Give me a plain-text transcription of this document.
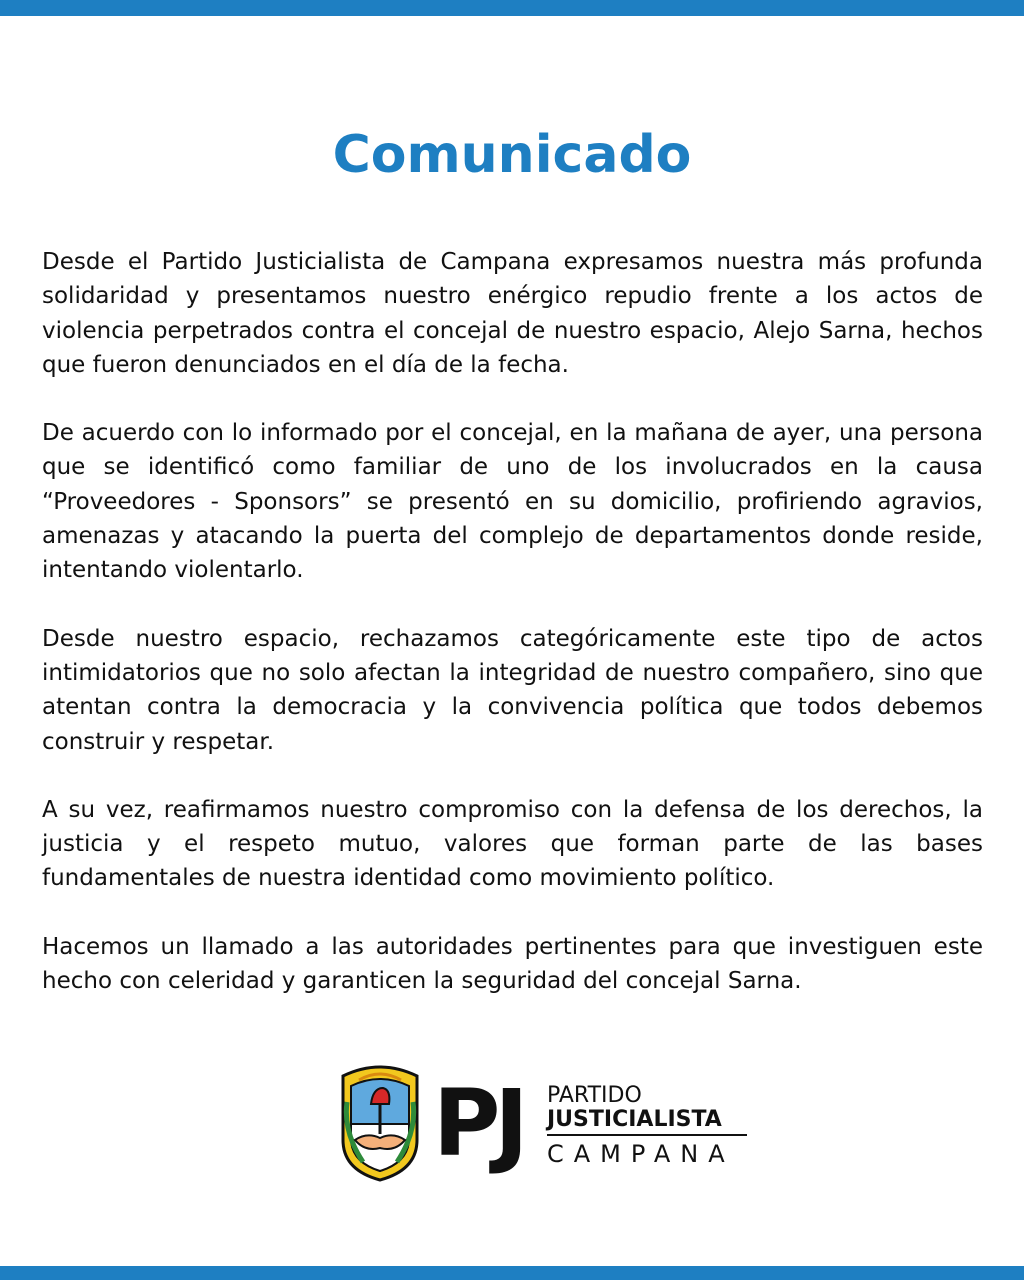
Comunicado

Desde el Partido Justicialista de Campana expresamos nuestra más profunda solidaridad y presentamos nuestro enérgico repudio frente a los actos de violencia perpetrados contra el concejal de nuestro espacio, Alejo Sarna, hechos que fueron denunciados en el día de la fecha.

De acuerdo con lo informado por el concejal, en la mañana de ayer, una persona que se identificó como familiar de uno de los involucrados en la causa “Proveedores - Sponsors” se presentó en su domicilio, profiriendo agravios, amenazas y atacando la puerta del complejo de departamentos donde reside, intentando violentarlo.

Desde nuestro espacio, rechazamos categóricamente este tipo de actos intimidatorios que no solo afectan la integridad de nuestro compañero, sino que atentan contra la democracia y la convivencia política que todos debemos construir y respetar.

A su vez, reafirmamos nuestro compromiso con la defensa de los derechos, la justicia y el respeto mutuo, valores que forman parte de las bases fundamentales de nuestra identidad como movimiento político.

Hacemos un llamado a las autoridades pertinentes para que investiguen este hecho con celeridad y garanticen la seguridad del concejal Sarna.

PJ PARTIDO
JUSTICIALISTA
CAMPANA
